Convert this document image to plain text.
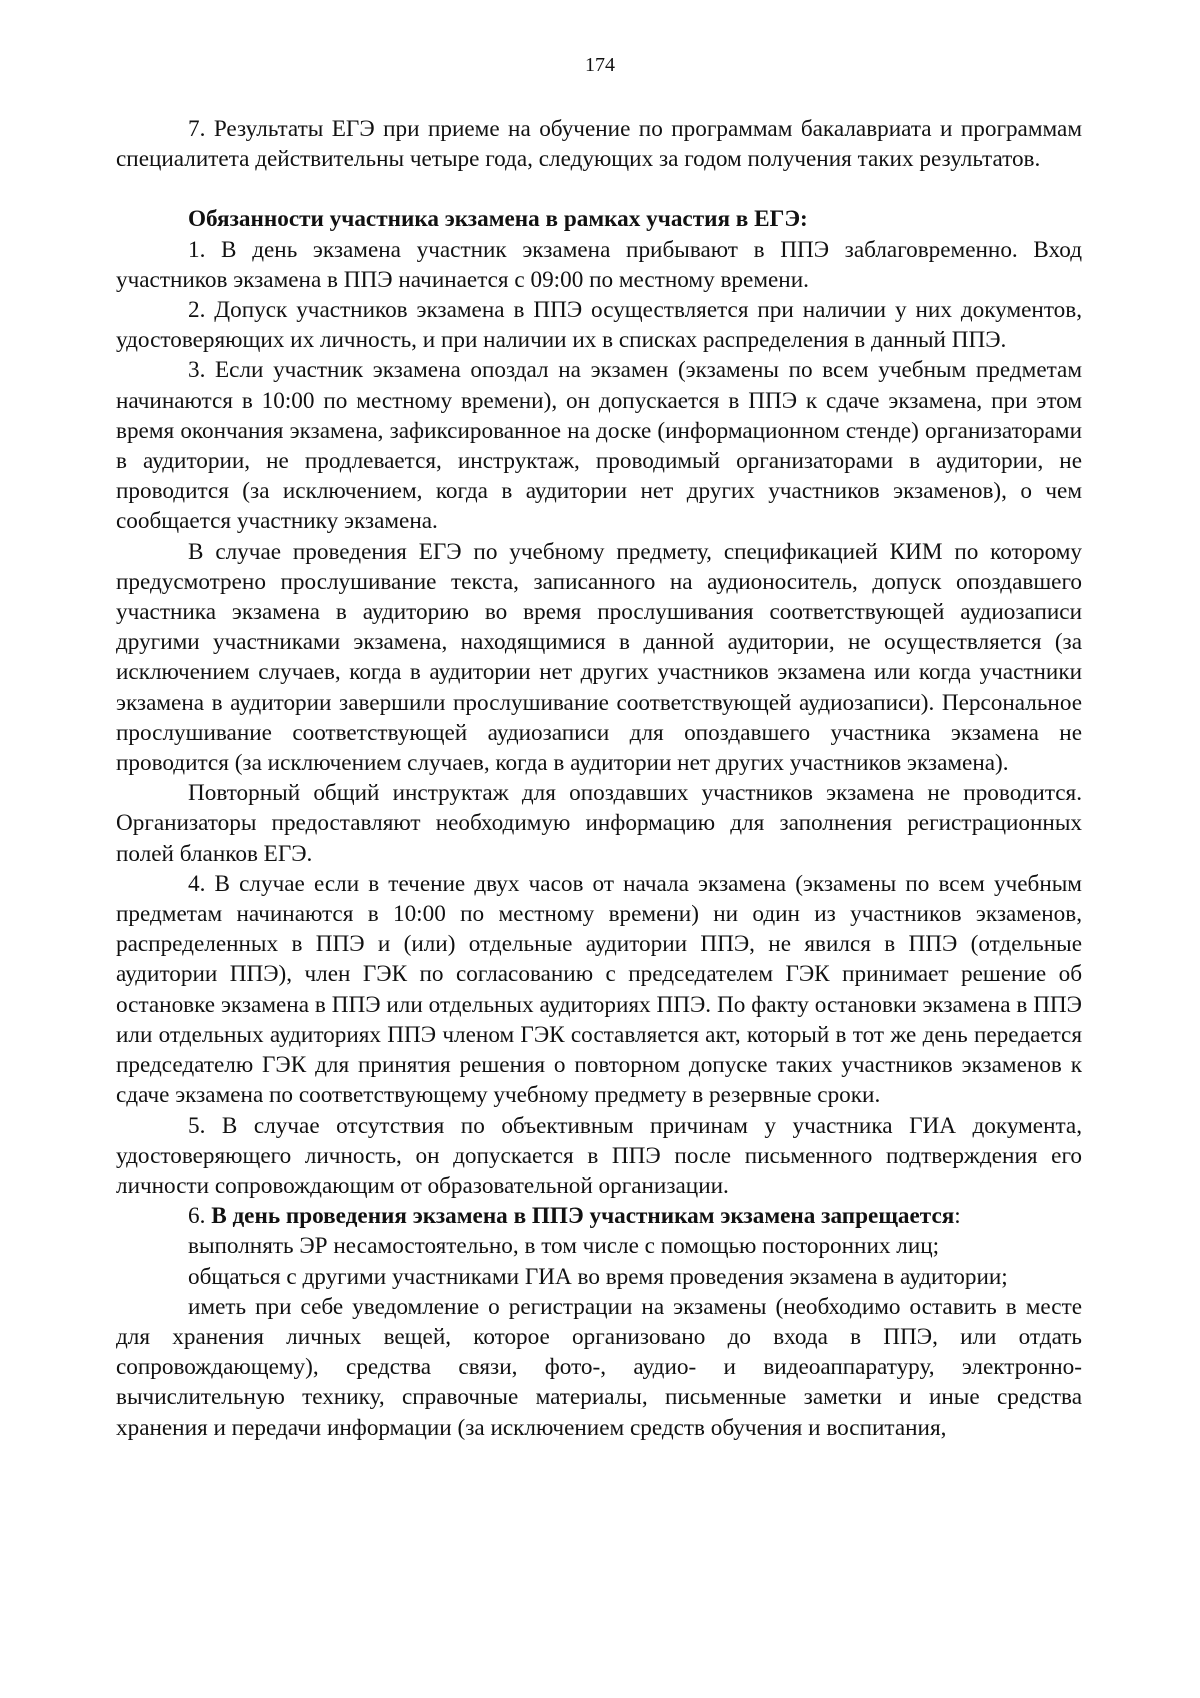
174

7. Результаты ЕГЭ при приеме на обучение по программам бакалавриата и программам специалитета действительны четыре года, следующих за годом получения таких результатов.

Обязанности участника экзамена в рамках участия в ЕГЭ:

1. В день экзамена участник экзамена прибывают в ППЭ заблаговременно. Вход участников экзамена в ППЭ начинается с 09:00 по местному времени.

2. Допуск участников экзамена в ППЭ осуществляется при наличии у них документов, удостоверяющих их личность, и при наличии их в списках распределения в данный ППЭ.

3. Если участник экзамена опоздал на экзамен (экзамены по всем учебным предметам начинаются в 10:00 по местному времени), он допускается в ППЭ к сдаче экзамена, при этом время окончания экзамена, зафиксированное на доске (информационном стенде) организаторами в аудитории, не продлевается, инструктаж, проводимый организаторами в аудитории, не проводится (за исключением, когда в аудитории нет других участников экзаменов), о чем сообщается участнику экзамена.

В случае проведения ЕГЭ по учебному предмету, спецификацией КИМ по которому предусмотрено прослушивание текста, записанного на аудионоситель, допуск опоздавшего участника экзамена в аудиторию во время прослушивания соответствующей аудиозаписи другими участниками экзамена, находящимися в данной аудитории, не осуществляется (за исключением случаев, когда в аудитории нет других участников экзамена или когда участники экзамена в аудитории завершили прослушивание соответствующей аудиозаписи). Персональное прослушивание соответствующей аудиозаписи для опоздавшего участника экзамена не проводится (за исключением случаев, когда в аудитории нет других участников экзамена).

Повторный общий инструктаж для опоздавших участников экзамена не проводится. Организаторы предоставляют необходимую информацию для заполнения регистрационных полей бланков ЕГЭ.

4. В случае если в течение двух часов от начала экзамена (экзамены по всем учебным предметам начинаются в 10:00 по местному времени) ни один из участников экзаменов, распределенных в ППЭ и (или) отдельные аудитории ППЭ, не явился в ППЭ (отдельные аудитории ППЭ), член ГЭК по согласованию с председателем ГЭК принимает решение об остановке экзамена в ППЭ или отдельных аудиториях ППЭ. По факту остановки экзамена в ППЭ или отдельных аудиториях ППЭ членом ГЭК составляется акт, который в тот же день передается председателю ГЭК для принятия решения о повторном допуске таких участников экзаменов к сдаче экзамена по соответствующему учебному предмету в резервные сроки.

5. В случае отсутствия по объективным причинам у участника ГИА документа, удостоверяющего личность, он допускается в ППЭ после письменного подтверждения его личности сопровождающим от образовательной организации.

6. В день проведения экзамена в ППЭ участникам экзамена запрещается:

выполнять ЭР несамостоятельно, в том числе с помощью посторонних лиц;

общаться с другими участниками ГИА во время проведения экзамена в аудитории;

иметь при себе уведомление о регистрации на экзамены (необходимо оставить в месте для хранения личных вещей, которое организовано до входа в ППЭ, или отдать сопровождающему), средства связи, фото-, аудио- и видеоаппаратуру, электронно-вычислительную технику, справочные материалы, письменные заметки и иные средства хранения и передачи информации (за исключением средств обучения и воспитания,
